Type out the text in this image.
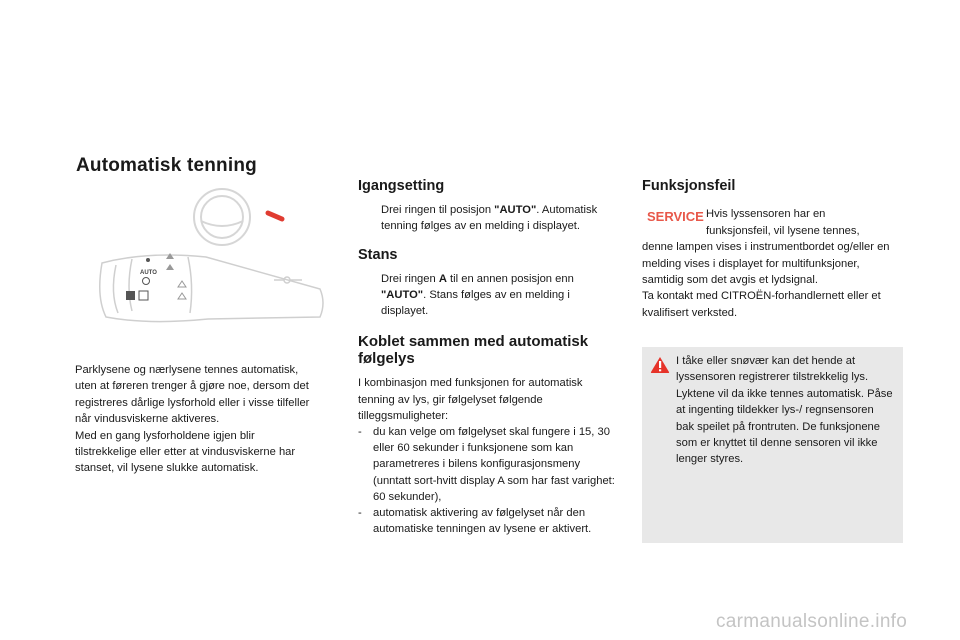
Automatisk tenning
AUTO

Parklysene og nærlysene tennes automatisk,

uten at føreren trenger å gjøre noe, dersom det

registreres dårlige lysforhold eller i visse tilfeller

når vindusviskerne aktiveres.

Med en gang lysforholdene igjen blir

tilstrekkelige eller etter at vindusviskerne har

stanset, vil lysene slukke automatisk.

Igangsetting
Drei ringen til posisjon "AUTO". Automatisk tenning følges av en melding i displayet.
Stans
Drei ringen A til en annen posisjon enn "AUTO". Stans følges av en melding i displayet.
Koblet sammen med automatisk følgelys
I kombinasjon med funksjonen for automatisk tenning av lys, gir følgelyset følgende tilleggsmuligheter:
-	du kan velge om følgelyset skal fungere i 15, 30 eller 60 sekunder i funksjonene som kan parametreres i bilens konfigurasjonsmeny (unntatt sort-hvitt display A som har fast varighet: 60 sekunder),
-	automatisk aktivering av følgelyset når den automatiske tenningen av lysene er aktivert.
Funksjonsfeil
SERVICE Hvis lyssensoren har en
funksjonsfeil, vil lysene tennes,
denne lampen vises i instrumentbordet og/eller en melding vises i displayet for multifunksjoner, samtidig som det avgis et lydsignal.
Ta kontakt med CITROËN-forhandlernett eller et kvalifisert verksted.
I tåke eller snøvær kan det hende at lyssensoren registrerer tilstrekkelig lys. Lyktene vil da ikke tennes automatisk. Påse at ingenting tildekker lys-/ regnsensoren bak speilet på frontruten. De funksjonene som er knyttet til denne sensoren vil ikke lenger styres.
carmanualsonline.info
